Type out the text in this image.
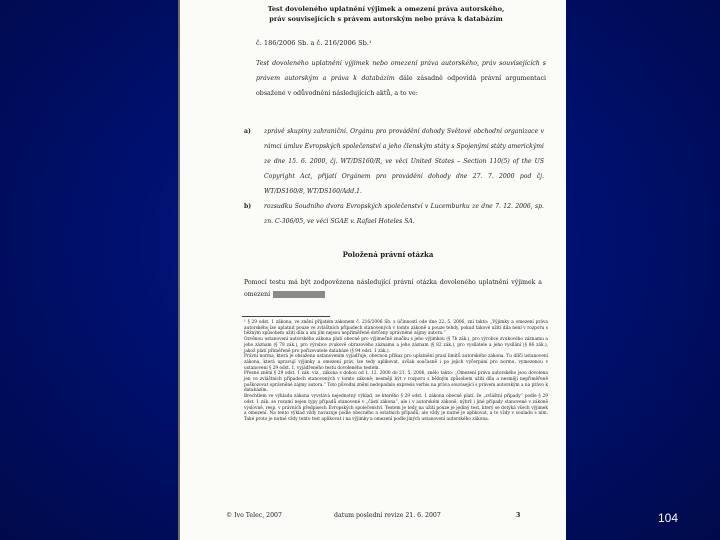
Test dovoleného uplatnění výjimek a omezení práva autorského,
práv souvisejících s právem autorským nebo práva k databázím
č. 186/2006 Sb. a č. 216/2006 Sb.¹
Test dovoleného uplatnění výjimek nebo omezení práva autorského, práv souvisejících s právem autorským a práva k databázím dále zásadně odpovídá právní argumentaci obsažené v odůvodnění následujících aktů, a to ve:
a) zprávě skupiny zahraniční. Orgánu pro provádění dohody Světové obchodní organizace v rámci úmluv Evropských společenství a jeho členským státy s Spojenými státy americkými ze dne 15. 6. 2000, čj. WT/DS160/R, ve věci United States – Section 110(5) of the US Copyright Act, přijatí Orgánem pro provádění dohody dne 27. 7. 2000 pod čj. WT/DS160/8, WT/DS160/Add.1.
b) rozsudku Soudního dvora Evropských společenství v Lucemburku ze dne 7. 12. 2006, sp. zn. C-306/05, ve věci SGAE v. Rafael Hoteles SA.
Položená právní otázka
Pomocí testu má být zodpovězena následující právní otázka dovoleného uplatnění výjimek a omezení

¹ § 29 odst. 1 zákona, ve znění přijatém zákonem č. 216/2006 Sb. s účinností ode dne 22. 5. 2006, zní takto: „Výjimky a omezení práva autorského lze uplatnit pouze ve zvláštních případech stanovených v tomto zákoně a pouze tehdy, pokud takové užití díla není v rozporu s běžným způsobem užití díla a ani jím nejsou nepřiměřeně dotčeny oprávněné zájmy autora.“

Ozvěnou ustanovení autorského zákona platí obecně pro výjimečně značku s jeho výjimkou (§ 7b zák.), pro výrobce zvukového záznamu a jeho záznam (§ 78 zák.), pro výrobce zvukově obrazového záznamu a jeho záznam (§ 82 zák.), pro vysílatele a jeho vysílání (§ 86 zák.), jakož platí přiměřeně pro pořizovatele databáze (§ 94 odst. 1 zák.).

Právní norma, která je obsažena ustanovením vyjadřuje, obecnou příkaz pro uplatnění praxí limitů autorského zákona. Tu dílčí ustanovení zákona, která upravují výjimky a omezení práv, lze tedy aplikovat, avšak současně i po jejich vyčerpání pro normu, vymezenou v ustanovení § 29 odst. 1, vyjádřeného testu dovoleného testem.

Přesné znění § 29 odst. 1 zák. viz., zákona s dobou od 1. 12. 2000 do 21. 5. 2006, znělo takto: „Omezení práva autorského jsou dovolena jen ve zvláštních případech stanovených v tomto zákoně; nesmějí být v rozporu s běžným způsobem užití díla a nesmějí nepřiměřeně poškozovat oprávněné zájmy autora.“ Toto původní znění nedopadalo expresis verbis na práva související s právem autorským a na právo k databázím.

Brechtlem ve výkladu zákona vyvstává nejednotný výklad, ze kterého § 29 odst. 1 zákona obecně platí, že „zvláštní případy“ podle § 29 odst. 1 zák. se rozumí nejen typy případů stanovené v „částí zákona“, ale i v autorském zákoně, nýbrž i jiné případy stanovené v zákoně výslovně, resp. v právních předpisech Evropských společenství. Testem je tedy na užití pouze je jediný test, který se dotýká všech výjimek a omezení. Na tento výklad vždy navazuje podle obecného a ostatních případů, ale vždy je nutné je aplikovat, a to vždy v souladu s ním. Také proto je nutné vždy tento test aplikovat i na výjimky a omezení podle jiných ustanovení autorského zákona.

© Ivo Telec, 2007	datum poslední revize 21. 6. 2007	3	104
